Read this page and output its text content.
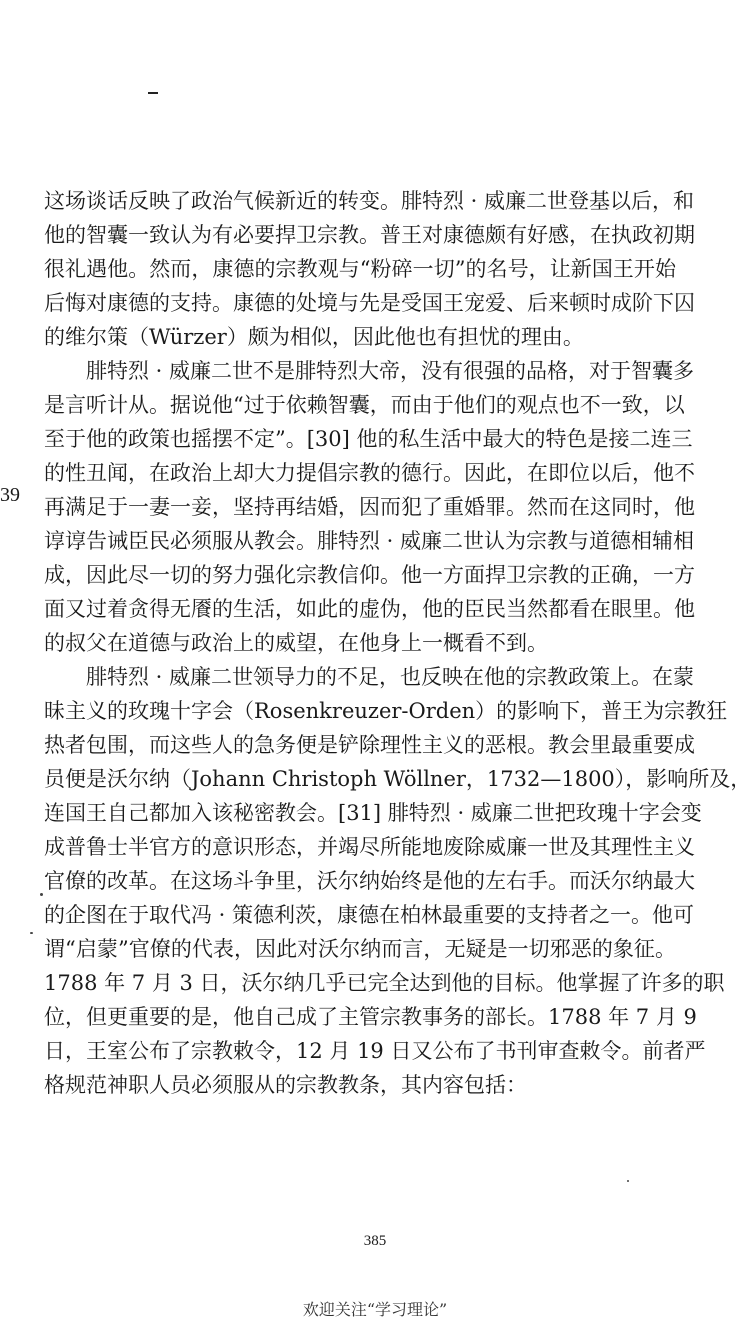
39
这场谈话反映了政治气候新近的转变。腓特烈 · 威廉二世登基以后，和
他的智囊一致认为有必要捍卫宗教。普王对康德颇有好感，在执政初期
很礼遇他。然而，康德的宗教观与“粉碎一切”的名号，让新国王开始
后悔对康德的支持。康德的处境与先是受国王宠爱、后来顿时成阶下囚
的维尔策（Würzer）颇为相似，因此他也有担忧的理由。
腓特烈 · 威廉二世不是腓特烈大帝，没有很强的品格，对于智囊多
是言听计从。据说他“过于依赖智囊，而由于他们的观点也不一致，以
至于他的政策也摇摆不定”。[30] 他的私生活中最大的特色是接二连三
的性丑闻，在政治上却大力提倡宗教的德行。因此，在即位以后，他不
再满足于一妻一妾，坚持再结婚，因而犯了重婚罪。然而在这同时，他
谆谆告诫臣民必须服从教会。腓特烈 · 威廉二世认为宗教与道德相辅相
成，因此尽一切的努力强化宗教信仰。他一方面捍卫宗教的正确，一方
面又过着贪得无餍的生活，如此的虚伪，他的臣民当然都看在眼里。他
的叔父在道德与政治上的威望，在他身上一概看不到。
腓特烈 · 威廉二世领导力的不足，也反映在他的宗教政策上。在蒙
昧主义的玫瑰十字会（Rosenkreuzer-Orden）的影响下，普王为宗教狂
热者包围，而这些人的急务便是铲除理性主义的恶根。教会里最重要成
员便是沃尔纳（Johann Christoph Wöllner，1732—1800），影响所及，
连国王自己都加入该秘密教会。[31] 腓特烈 · 威廉二世把玫瑰十字会变
成普鲁士半官方的意识形态，并竭尽所能地废除威廉一世及其理性主义
官僚的改革。在这场斗争里，沃尔纳始终是他的左右手。而沃尔纳最大
的企图在于取代冯 · 策德利茨，康德在柏林最重要的支持者之一。他可
谓“启蒙”官僚的代表，因此对沃尔纳而言，无疑是一切邪恶的象征。
1788 年 7 月 3 日，沃尔纳几乎已完全达到他的目标。他掌握了许多的职
位，但更重要的是，他自己成了主管宗教事务的部长。1788 年 7 月 9
日，王室公布了宗教敕令，12 月 19 日又公布了书刊审查敕令。前者严
格规范神职人员必须服从的宗教教条，其内容包括：
385
欢迎关注“学习理论”
